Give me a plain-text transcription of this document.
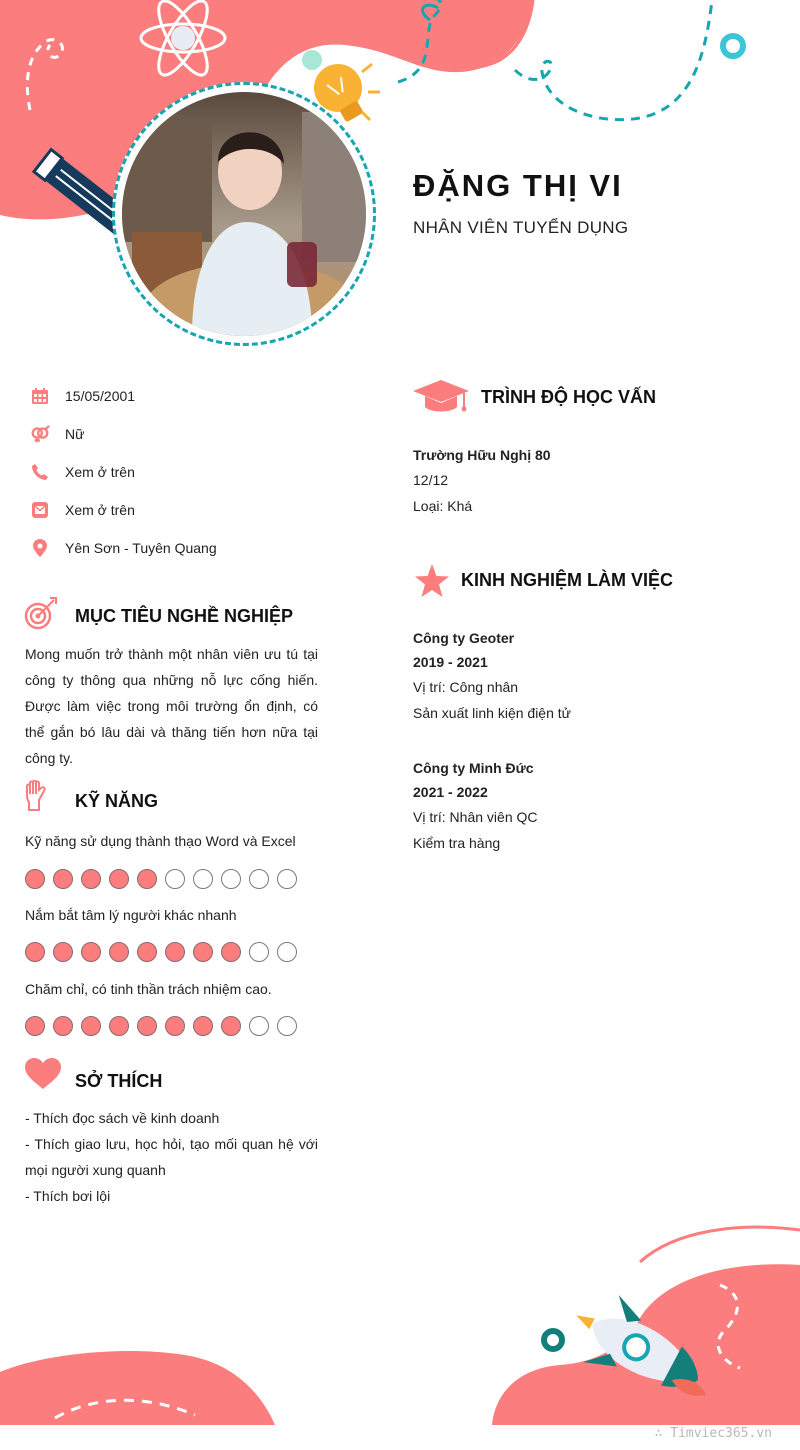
ĐẶNG THỊ VI
NHÂN VIÊN TUYỂN DỤNG
15/05/2001
Nữ
Xem ở trên
Xem ở trên
Yên Sơn - Tuyên Quang
MỤC TIÊU NGHỀ NGHIỆP
Mong muốn trở thành một nhân viên ưu tú tại công ty thông qua những nỗ lực cống hiến. Được làm việc trong môi trường ổn định, có thể gắn bó lâu dài và thăng tiến hơn nữa tại công ty.
KỸ NĂNG
Kỹ năng sử dụng thành thạo Word và Excel
Nắm bắt tâm lý người khác nhanh
Chăm chỉ, có tinh thần trách nhiệm cao.
SỞ THÍCH
- Thích đọc sách về kinh doanh
- Thích giao lưu, học hỏi, tạo mối quan hệ với mọi người xung quanh
- Thích bơi lội
TRÌNH ĐỘ HỌC VẤN
Trường Hữu Nghị 80
12/12
Loại: Khá
KINH NGHIỆM LÀM VIỆC
Công ty Geoter
2019 - 2021
Vị trí: Công nhân
Sản xuất linh kiện điện tử
Công ty Minh Đức
2021 - 2022
Vị trí: Nhân viên QC
Kiểm tra hàng
∴ Timviec365.vn
